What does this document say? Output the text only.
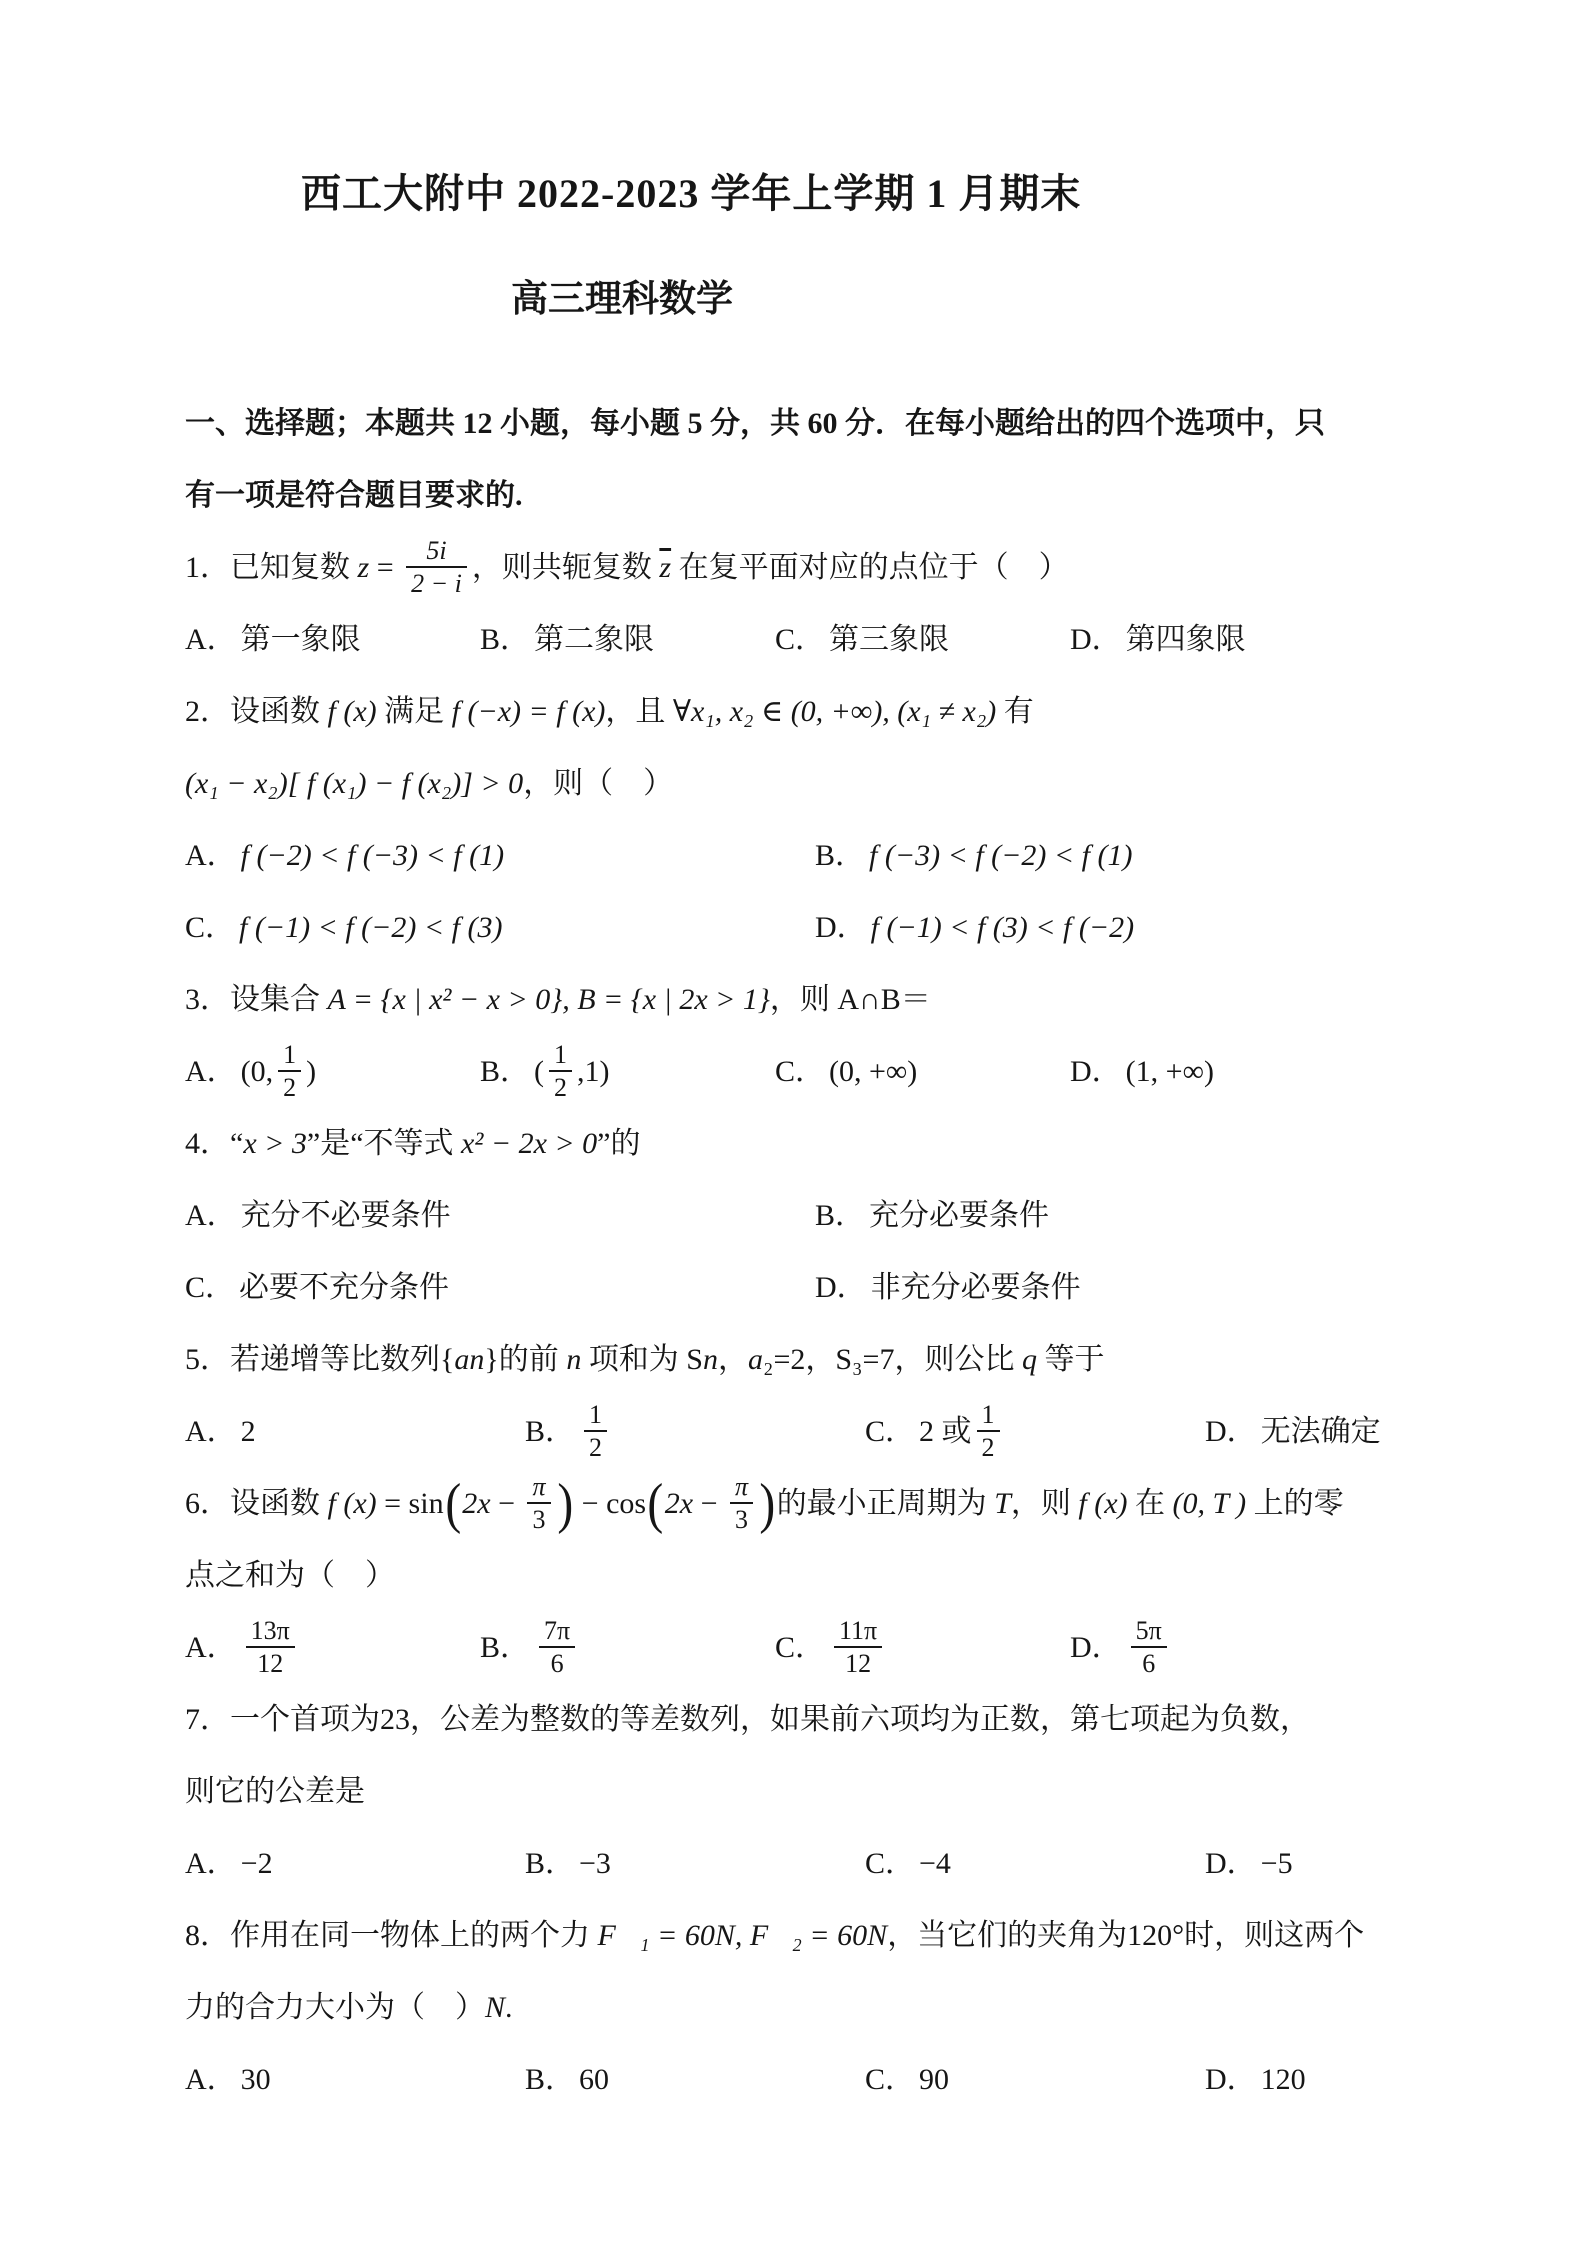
西工大附中 2022-2023 学年上学期 1 月期末
高三理科数学

一、选择题；本题共 12 小题，每小题 5 分，共 60 分．在每小题给出的四个选项中，只

有一项是符合题目要求的.

1．已知复数 $z = \frac{5i}{2 - i}$ ，则共轭复数 $\overline{z}$ 在复平面对应的点位于（　）

A． 第一象限	B． 第二象限	C． 第三象限	D． 第四象限

2．设函数 f (x) 满足 f (−x) = f (x)，且 ∀x₁, x₂ ∈ (0, +∞), (x₁ ≠ x₂) 有

(x₁ − x₂)[ f (x₁) − f (x₂)] > 0，则（　）

A． f (−2) < f (−3) < f (1)	B． f (−3) < f (−2) < f (1)
C． f (−1) < f (−2) < f (3)	D． f (−1) < f (3) < f (−2)

3．设集合 A = {x | x² − x > 0}, B = {x | 2x > 1}，则 A∩B＝

A． (0, $\frac{1}{2}$ )	B． ( $\frac{1}{2} ,1$)	C． (0, +∞)	D． (1, +∞)

4．“x > 3”是“不等式 x² − 2x > 0”的

A． 充分不必要条件	B． 充分必要条件
C． 必要不充分条件	D． 非充分必要条件

5．若递增等比数列{an}的前 n 项和为 Sn，a₂=2，S₃=7，则公比 q 等于

A． 2	B． $\frac{1}{2}$	C． 2 或 $\frac{1}{2}$	D． 无法确定

6．设函数 f $(x) = \sin(2x - \frac{\pi}{3}$ ) − $\cos(2x - \frac{\pi}{3}$ )的最小正周期为 T，则 f (x) 在 (0, T ) 上的零

点之和为（　）

A． $\frac{13\pi}{12}$	B． $\frac{7\pi}{6}$	C． $\frac{11\pi}{12}$	D． $\frac{5\pi}{6}$

7．一个首项为23，公差为整数的等差数列，如果前六项均为正数，第七项起为负数，

则它的公差是

A． −2	B． −3	C． −4	D． −5

8．作用在同一物体上的两个力 F⃗₁ = 60N, F⃗₂ = 60N，当它们的夹角为120°时，则这两个

力的合力大小为（　）N.

A． 30	B． 60	C． 90	D． 120
